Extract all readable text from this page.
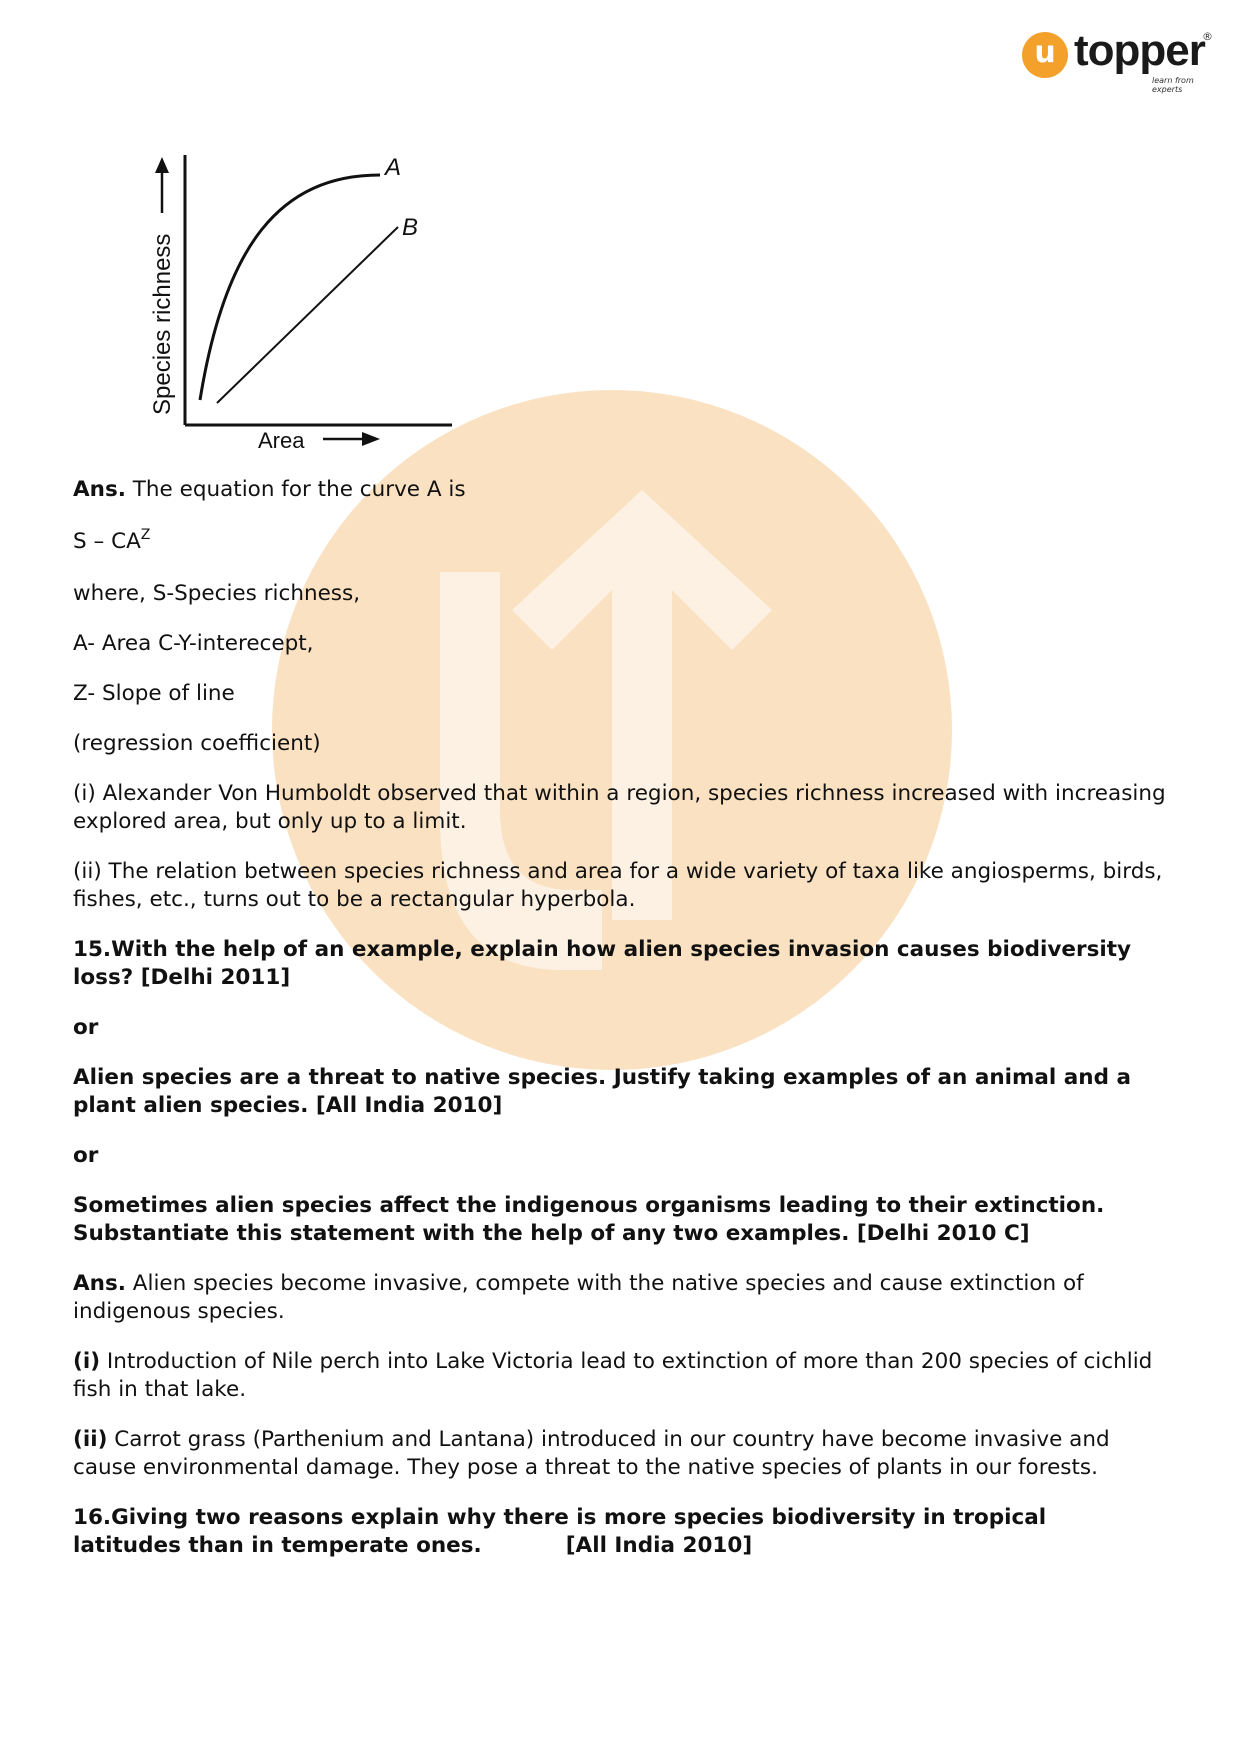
u topper
®
learn from experts
Species richness
Area
A
B

Ans. The equation for the curve A is

S – $CA^Z$

where, S-Species richness,

A- Area C-Y-interecept,

Z- Slope of line

(regression coefficient)

(i) Alexander Von Humboldt observed that within a region, species richness increased with increasing explored area, but only up to a limit.

(ii) The relation between species richness and area for a wide variety of taxa like angiosperms, birds, fishes, etc., turns out to be a rectangular hyperbola.

15.With the help of an example, explain how alien species invasion causes biodiversity loss? [Delhi 2011]

or

Alien species are a threat to native species. Justify taking examples of an animal and a plant alien species. [All India 2010]

or

Sometimes alien species affect the indigenous organisms leading to their extinction. Substantiate this statement with the help of any two examples. [Delhi 2010 C]

Ans. Alien species become invasive, compete with the native species and cause extinction of indigenous species.

(i) Introduction of Nile perch into Lake Victoria lead to extinction of more than 200 species of cichlid fish in that lake.

(ii) Carrot grass (Parthenium and Lantana) introduced in our country have become invasive and cause environmental damage. They pose a threat to the native species of plants in our forests.

16.Giving two reasons explain why there is more species biodiversity in tropical
latitudes than in temperate ones.	[All India 2010]
